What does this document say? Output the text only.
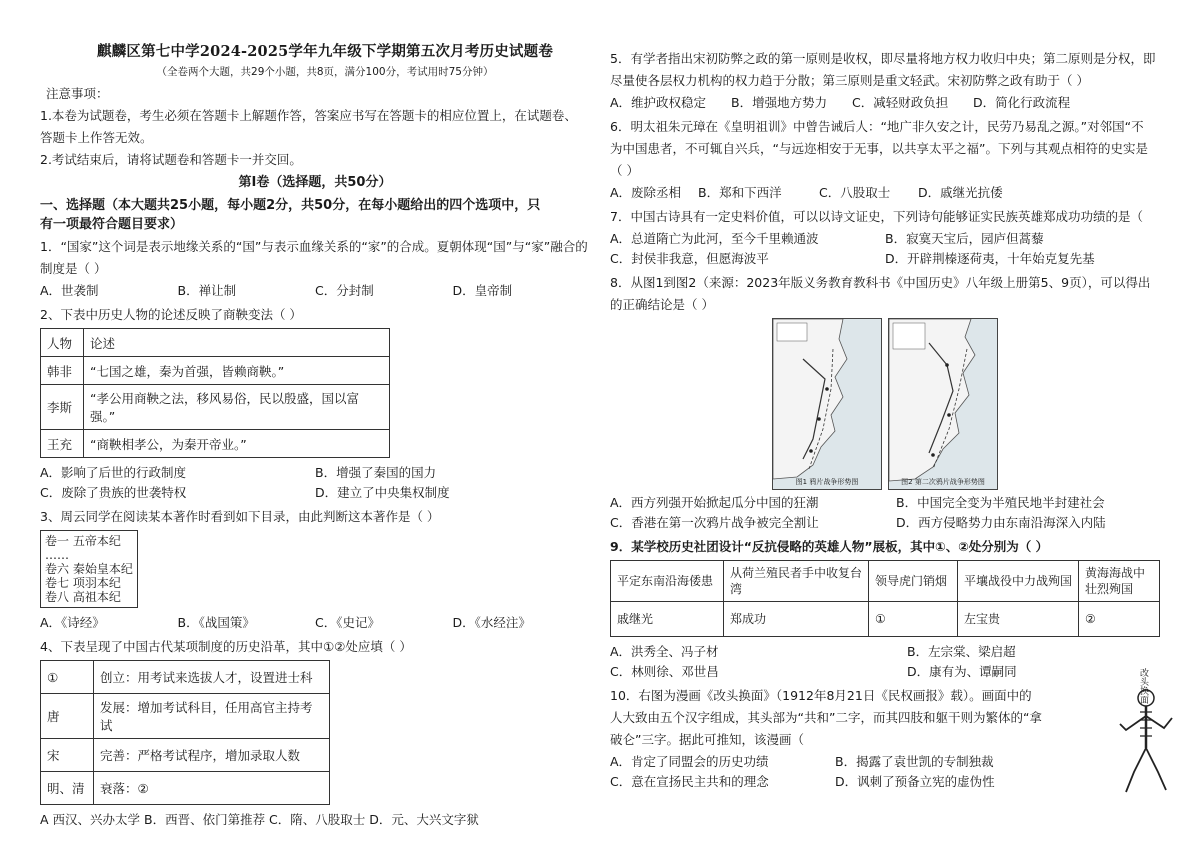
麒麟区第七中学2024-2025学年九年级下学期第五次月考历史试题卷
（全卷两个大题，共29个小题，共8页，满分100分，考试用时75分钟）
注意事项：
1.本卷为试题卷，考生必须在答题卡上解题作答，答案应书写在答题卡的相应位置上，在试题卷、
答题卡上作答无效。
2.考试结束后，请将试题卷和答题卡一并交回。
第Ⅰ卷（选择题，共50分）
一、选择题（本大题共25小题，每小题2分，共50分，在每小题给出的四个选项中，只
有一项最符合题目要求）
1．“国家”这个词是表示地缘关系的“国”与表示血缘关系的“家”的合成。夏朝体现“国”与“家”融合的
制度是（ ）
A．世袭制	B．禅让制	C．分封制	D．皇帝制
2、下表中历史人物的论述反映了商鞅变法（ ）
人物	论述
韩非	“七国之雄，秦为首强，皆赖商鞅。”
李斯	“孝公用商鞅之法，移风易俗，民以殷盛，国以富强。”
王充	“商鞅相孝公，为秦开帝业。”
A．影响了后世的行政制度	B．增强了秦国的国力
C．废除了贵族的世袭特权	D．建立了中央集权制度
3、周云同学在阅读某本著作时看到如下目录，由此判断这本著作是（ ）
卷一 五帝本纪
……
卷六 秦始皇本纪
卷七 项羽本纪
卷八 高祖本纪
A．《诗经》	B．《战国策》	C．《史记》	D．《水经注》
4、下表呈现了中国古代某项制度的历史沿革，其中①②处应填（ ）
①	创立：用考试来选拔人才，设置进士科
唐	发展：增加考试科目，任用高官主持考试
宋	完善：严格考试程序，增加录取人数
明、清	衰落：②
A 西汉、兴办太学 B．西晋、依门第推荐 C．隋、八股取士 D．元、大兴文字狱
5．有学者指出宋初防弊之政的第一原则是收权，即尽量将地方权力收归中央；第二原则是分权，即
尽量使各层权力机构的权力趋于分散；第三原则是重文轻武。宋初防弊之政有助于（ ）
A．维护政权稳定	B．增强地方势力	C．减轻财政负担	D．简化行政流程
6．明太祖朱元璋在《皇明祖训》中曾告诫后人：“地广非久安之计，民劳乃易乱之源。”对邻国“不
为中国患者，不可辄自兴兵，“与远迩相安于无事，以共享太平之福”。下列与其观点相符的史实是
（ ）
A．废除丞相	B．郑和下西洋	C．八股取士	D．戚继光抗倭
7．中国古诗具有一定史料价值，可以以诗文证史，下列诗句能够证实民族英雄郑成功功绩的是（
A．总道隋亡为此河，至今千里赖通波	B．寂寞天宝后，园庐但蒿藜
C．封侯非我意，但愿海波平	D．开辟荆榛逐荷夷，十年始克复先基
8．从图1到图2（来源：2023年版义务教育教科书《中国历史》八年级上册第5、9页），可以得出
的正确结论是（ ）
图1 鸦片战争形势图	图2 第二次鸦片战争形势图
A．西方列强开始掀起瓜分中国的狂潮	B．中国完全变为半殖民地半封建社会
C．香港在第一次鸦片战争被完全割让	D．西方侵略势力由东南沿海深入内陆
9．某学校历史社团设计“反抗侵略的英雄人物”展板，其中①、②处分别为（ ）
平定东南沿海倭患	从荷兰殖民者手中收复台湾	领导虎门销烟	平壤战役中力战殉国	黄海海战中壮烈殉国
戚继光	郑成功	①	左宝贵	②
A．洪秀全、冯子材	B．左宗棠、梁启超
C．林则徐、邓世昌	D．康有为、谭嗣同
10．右图为漫画《改头换面》（1912年8月21日《民权画报》载）。画面中的
人大致由五个汉字组成，其头部为“共和”二字，而其四肢和躯干则为繁体的“拿
破仑”三字。据此可推知，该漫画（
A．肯定了同盟会的历史功绩	B．揭露了袁世凯的专制独裁
C．意在宣扬民主共和的理念	D．讽刺了预备立宪的虚伪性
改头换面
